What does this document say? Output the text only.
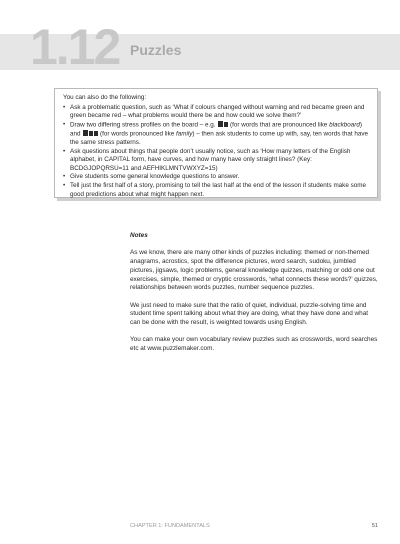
1.12 Puzzles

You can also do the following:

• Ask a problematic question, such as ‘What if colours changed without warning and red became green and green became red – what problems would there be and how could we solve them?’
• Draw two differing stress profiles on the board – e.g. (for words that are pronounced like blackboard) and	(for words pronounced like family) – then ask students to come up with, say, ten words that have the same stress patterns.
• Ask questions about things that people don’t usually notice, such as ‘How many letters of the English alphabet, in CAPITAL form, have curves, and how many have only straight lines? (Key: BCDGJOPQRSU=11 and AEFHIKLMNTVWXYZ=15)
• Give students some general knowledge questions to answer.
• Tell just the first half of a story, promising to tell the last half at the end of the lesson if students make some good predictions about what might happen next.

Notes

As we know, there are many other kinds of puzzles including: themed or non-themed anagrams, acrostics, spot the difference pictures, word search, sudoku, jumbled pictures, jigsaws, logic problems, general knowledge quizzes, matching or odd one out exercises, simple, themed or cryptic crosswords, ‘what connects these words?’ quizzes, relationships between words puzzles, number sequence puzzles.

We just need to make sure that the ratio of quiet, individual, puzzle-solving time and student time spent talking about what they are doing, what they have done and what can be done with the result, is weighted towards using English.

You can make your own vocabulary review puzzles such as crosswords, word searches etc at www.puzzlemaker.com.

CHAPTER 1: FUNDAMENTALS	51
